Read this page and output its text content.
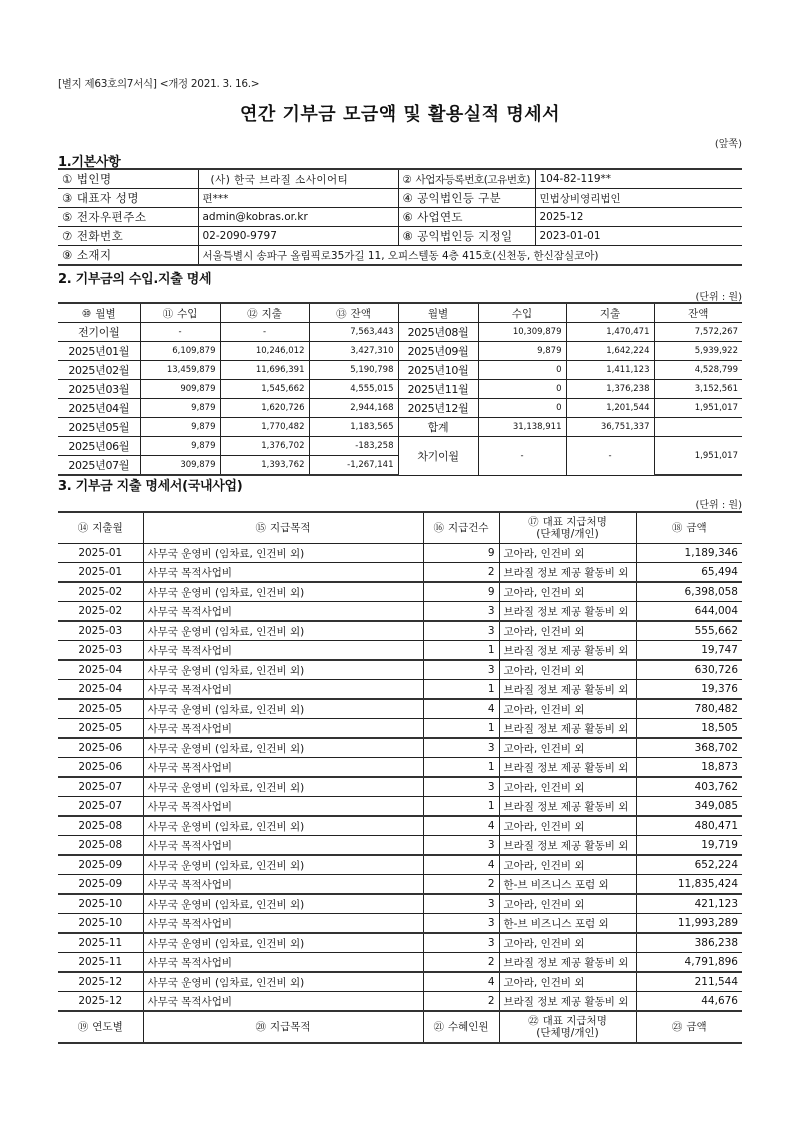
[별지 제63호의7서식] <개정 2021. 3. 16.>
연간 기부금 모금액 및 활용실적 명세서
(앞쪽)
1.기본사항
① 법인명	(사) 한국 브라질 소사이어티	② 사업자등록번호(고유번호)	104-82-119**
③ 대표자 성명	편***	④ 공익법인등 구분	민법상비영리법인
⑤ 전자우편주소	admin@kobras.or.kr	⑥ 사업연도	2025-12
⑦ 전화번호	02-2090-9797	⑧ 공익법인등 지정일	2023-01-01
⑨ 소재지	서울특별시 송파구 올림픽로35가길 11, 오피스텔동 4층 415호(신천동, 한신잠실코아)		
2. 기부금의 수입.지출 명세
(단위 : 원)
⑩ 월별	⑪ 수입	⑫ 지출	⑬ 잔액	월별	수입	지출	잔액
전기이월	-	-	7,563,443	2025년08월	10,309,879	1,470,471	7,572,267
2025년01월	6,109,879	10,246,012	3,427,310	2025년09월	9,879	1,642,224	5,939,922
2025년02월	13,459,879	11,696,391	5,190,798	2025년10월	0	1,411,123	4,528,799
2025년03월	909,879	1,545,662	4,555,015	2025년11월	0	1,376,238	3,152,561
2025년04월	9,879	1,620,726	2,944,168	2025년12월	0	1,201,544	1,951,017
2025년05월	9,879	1,770,482	1,183,565	합계	31,138,911	36,751,337	
2025년06월	9,879	1,376,702	-183,258	차기이월	-	-	1,951,017
2025년07월	309,879	1,393,762	-1,267,141				
3. 기부금 지출 명세서(국내사업)
(단위 : 원)
⑭ 지출월	⑮ 지급목적	⑯ 지급건수	⑰ 대표 지급처명
(단체명/개인)	⑱ 금액

2025-01	사무국 운영비 (임차료, 인건비 외)	9	고아라, 인건비 외	1,189,346
2025-01	사무국 목적사업비	2	브라질 정보 제공 활동비 외	65,494
2025-02	사무국 운영비 (임차료, 인건비 외)	9	고아라, 인건비 외	6,398,058
2025-02	사무국 목적사업비	3	브라질 정보 제공 활동비 외	644,004
2025-03	사무국 운영비 (임차료, 인건비 외)	3	고아라, 인건비 외	555,662
2025-03	사무국 목적사업비	1	브라질 정보 제공 활동비 외	19,747
2025-04	사무국 운영비 (임차료, 인건비 외)	3	고아라, 인건비 외	630,726
2025-04	사무국 목적사업비	1	브라질 정보 제공 활동비 외	19,376
2025-05	사무국 운영비 (임차료, 인건비 외)	4	고아라, 인건비 외	780,482
2025-05	사무국 목적사업비	1	브라질 정보 제공 활동비 외	18,505
2025-06	사무국 운영비 (임차료, 인건비 외)	3	고아라, 인건비 외	368,702
2025-06	사무국 목적사업비	1	브라질 정보 제공 활동비 외	18,873
2025-07	사무국 운영비 (임차료, 인건비 외)	3	고아라, 인건비 외	403,762
2025-07	사무국 목적사업비	1	브라질 정보 제공 활동비 외	349,085
2025-08	사무국 운영비 (임차료, 인건비 외)	4	고아라, 인건비 외	480,471
2025-08	사무국 목적사업비	3	브라질 정보 제공 활동비 외	19,719
2025-09	사무국 운영비 (임차료, 인건비 외)	4	고아라, 인건비 외	652,224
2025-09	사무국 목적사업비	2	한-브 비즈니스 포럼 외	11,835,424
2025-10	사무국 운영비 (임차료, 인건비 외)	3	고아라, 인건비 외	421,123
2025-10	사무국 목적사업비	3	한-브 비즈니스 포럼 외	11,993,289
2025-11	사무국 운영비 (임차료, 인건비 외)	3	고아라, 인건비 외	386,238
2025-11	사무국 목적사업비	2	브라질 정보 제공 활동비 외	4,791,896
2025-12	사무국 운영비 (임차료, 인건비 외)	4	고아라, 인건비 외	211,544
2025-12	사무국 목적사업비	2	브라질 정보 제공 활동비 외	44,676

⑲ 연도별	⑳ 지급목적	㉑ 수혜인원	㉒ 대표 지급처명
(단체명/개인)	㉓ 금액
